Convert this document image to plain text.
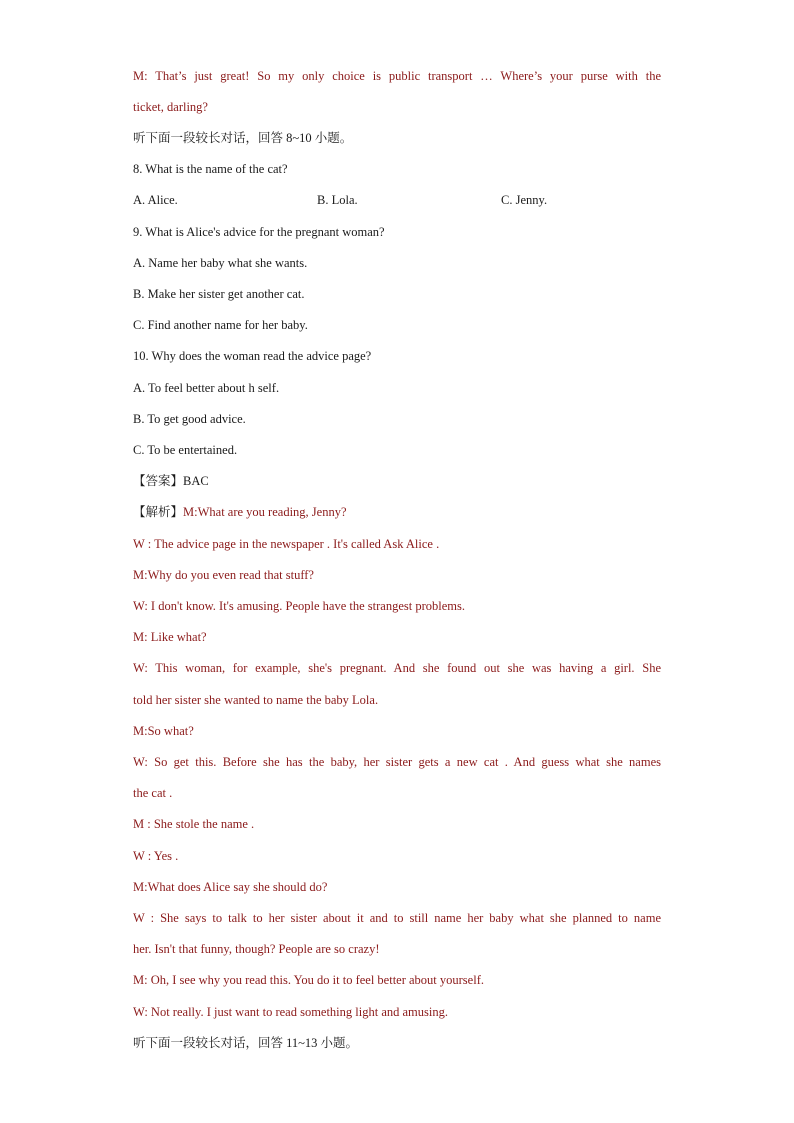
M: That’s just great! So my only choice is public transport … Where’s your purse with the
ticket, darling?
听下面一段较长对话，回答 8~10 小题。
8. What is the name of the cat?
A. Alice.	B. Lola.	C. Jenny.
9. What is Alice's advice for the pregnant woman?
A. Name her baby what she wants.
B. Make her sister get another cat.
C. Find another name for her baby.
10. Why does the woman read the advice page?
A. To feel better about h self.
B. To get good advice.
C. To be entertained.
【答案】BAC
【解析】M:What are you reading, Jenny?
W : The advice page in the newspaper . It's called Ask Alice .
M:Why do you even read that stuff?
W: I don't know. It's amusing. People have the strangest problems.
M: Like what?
W: This woman, for example, she's pregnant. And she found out she was having a girl. She
told her sister she wanted to name the baby Lola.
M:So what?
W: So get this. Before she has the baby, her sister gets a new cat . And guess what she names
the cat .
M : She stole the name .
W : Yes .
M:What does Alice say she should do?
W : She says to talk to her sister about it and to still name her baby what she planned to name
her. Isn't that funny, though? People are so crazy!
M: Oh, I see why you read this. You do it to feel better about yourself.
W: Not really. I just want to read something light and amusing.
听下面一段较长对话，回答 11~13 小题。
